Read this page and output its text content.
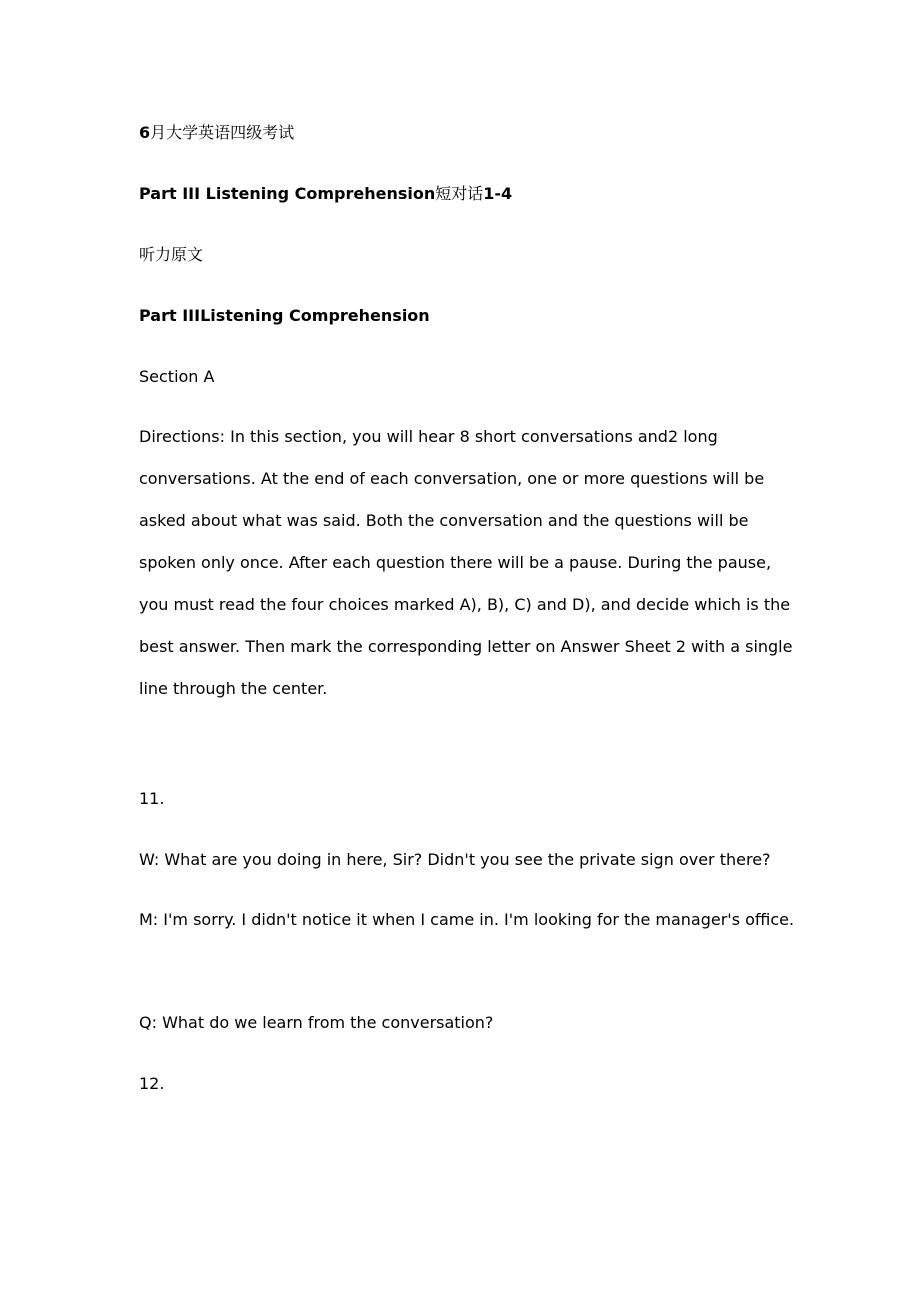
6月大学英语四级考试
Part III Listening Comprehension短对话1-4
听力原文
Part IIIListening Comprehension
Section A
Directions: In this section, you will hear 8 short conversations and2 long conversations. At the end of each conversation, one or more questions will be asked about what was said. Both the conversation and the questions will be spoken only once. After each question there will be a pause. During the pause, you must read the four choices marked A), B), C) and D), and decide which is the best answer. Then mark the corresponding letter on Answer Sheet 2 with a single line through the center.
11.
W: What are you doing in here, Sir? Didn't you see the private sign over there?
M: I'm sorry. I didn't notice it when I came in. I'm looking for the manager's office.
Q: What do we learn from the conversation?
12.
